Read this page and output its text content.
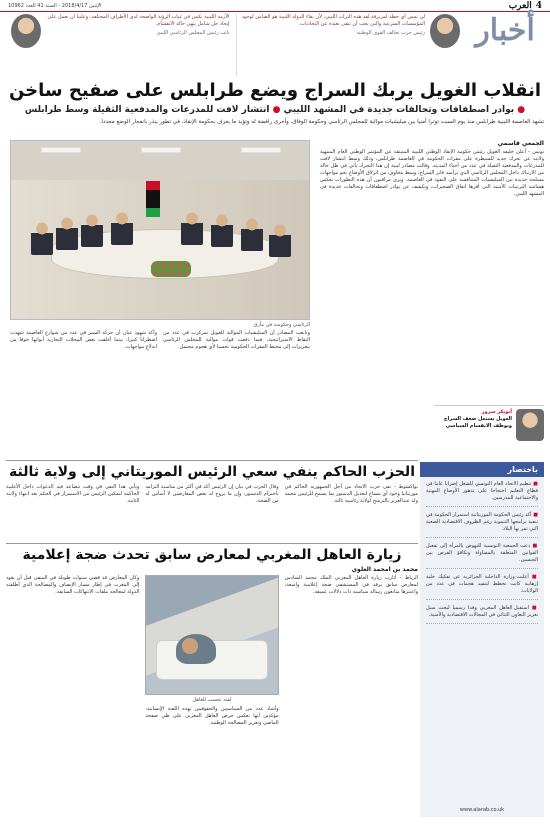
4
العرب
الإثنين 2018/4/17 - السنة 41 العدد 10962
أخبار
لن تمس أي خطة لمرتزقة لقد هذه التراث الليبي، لأن بقاء الدولة الليبية هو الضامن لوجود المؤسسات الشرعية والتي يجب أن تبقى بعيدة عن التجاذبات.
رئيس حزب تحالف القوى الوطنية
الأزمة الليبية تكمن في غياب الرؤية الواضحة لدى الأطراف المختلفة، وعلينا أن نعمل على إيجاد حل شامل ينهي حالة الانقسام.
نائب رئيس المجلس الرئاسي الليبي
انقلاب الغويل يربك السراج ويضع طرابلس على صفيح ساخن
● بوادر اصطفافات وتحالفات جديدة في المشهد الليبي ● انتشار لافت للمدرعات والمدفعية الثقيلة وسط طرابلس

تشهد العاصمة الليبية طرابلس منذ يوم السبت توترا أمنيا بين ميليشيات موالية للمجلس الرئاسي وحكومة الوفاق، وأخرى رافضة له وتؤيد ما يعرف بحكومة الإنقاذ، في تطور ينذر بانفجار الوضع مجددا.

الرئاسي وحكومته في مأزق
الجمعي قاسمي

تونس - أعلن خليفة الغويل رئيس حكومة الإنقاذ الوطني الليبية المنبثقة عن المؤتمر الوطني العام المنتهية ولايته عن تحرك جديد للسيطرة على مقرات الحكومة في العاصمة طرابلس، وذلك وسط انتشار لافت للمدرعات والمدفعية الثقيلة في عدد من أحياء المدينة. وقالت مصادر ليبية إن هذا التحرك يأتي في ظل حالة من الارتباك داخل المجلس الرئاسي الذي يرأسه فايز السراج، وسط مخاوف من انزلاق الأوضاع نحو مواجهات مسلحة جديدة بين الميليشيات المتنافسة على النفوذ في العاصمة. ويرى مراقبون أن هذه التطورات تعكس هشاشة الترتيبات الأمنية التي أقرها اتفاق الصخيرات، وتكشف عن بوادر اصطفافات وتحالفات جديدة في المشهد الليبي.

وتابعت المصادر أن الميليشيات الموالية للغويل تمركزت في عدد من النقاط الاستراتيجية، فيما دفعت قوات موالية للمجلس الرئاسي بتعزيزات إلى محيط المقرات الحكومية تحسبا لأي هجوم محتمل.

وأكد شهود عيان أن حركة السير في عدد من شوارع العاصمة شهدت اضطرابا كبيرا، بينما أغلقت بعض المحلات التجارية أبوابها خوفا من اندلاع مواجهات.

أبوبكر سرور
الغويل يستغل ضعف السراج ويوظف الانقسام السياسي
الحزب الحاكم ينفي سعي الرئيس الموريتاني إلى ولاية ثالثة

نواكشوط - نفى حزب الاتحاد من أجل الجمهورية الحاكم في موريتانيا وجود أي مساع لتعديل الدستور بما يسمح للرئيس محمد ولد عبدالعزيز بالترشح لولاية رئاسية ثالثة.

وقال الحزب في بيان إن الرئيس أكد في أكثر من مناسبة التزامه باحترام الدستور، وإن ما يروج له بعض المعارضين لا أساس له من الصحة.

ويأتي هذا النفي في وقت تتصاعد فيه الدعوات داخل الأغلبية الحاكمة لتمكين الرئيس من الاستمرار في الحكم بعد انتهاء ولايته الثانية.

باختصار
■ تنظيم الاتحاد العام التونسي للشغل إضرابا عاما في قطاع التعليم احتجاجا على تدهور الأوضاع المهنية والاجتماعية للمدرسين.
■ أكد رئيس الحكومة الموريتانية استمرار الحكومة في تنفيذ برامجها التنموية رغم الظروف الاقتصادية الصعبة التي تمر بها البلاد.
■ دعت الجمعية التونسية للنهوض بالمرأة إلى تفعيل القوانين المتعلقة بالمساواة وتكافؤ الفرص بين الجنسين.
■ أعلنت وزارة الداخلية الجزائرية عن تفكيك خلية إرهابية كانت تخطط لتنفيذ هجمات في عدد من الولايات.
■ استقبل العاهل المغربي وفدا رسميا لبحث سبل تعزيز التعاون الثنائي في المجالات الاقتصادية والأمنية.
www.alarab.co.uk
زيارة العاهل المغربي لمعارض سابق تحدث ضجة إعلامية
محمد بن امحمد العلوي

الرباط - أثارت زيارة العاهل المغربي الملك محمد السادس لمعارض سابق يرقد في المستشفى ضجة إعلامية واسعة، واعتبرها متابعون رسالة سياسية ذات دلالات عميقة.

لفتة تحسب للعاهل

وأشاد عدد من السياسيين والحقوقيين بهذه اللفتة الإنسانية، مؤكدين أنها تعكس حرص العاهل المغربي على طي صفحة الماضي وتعزيز المصالحة الوطنية.

وكان المعارض قد قضى سنوات طويلة في المنفى قبل أن يعود إلى المغرب في إطار مسار الإنصاف والمصالحة الذي أطلقته الدولة لمعالجة ملفات الانتهاكات السابقة.
